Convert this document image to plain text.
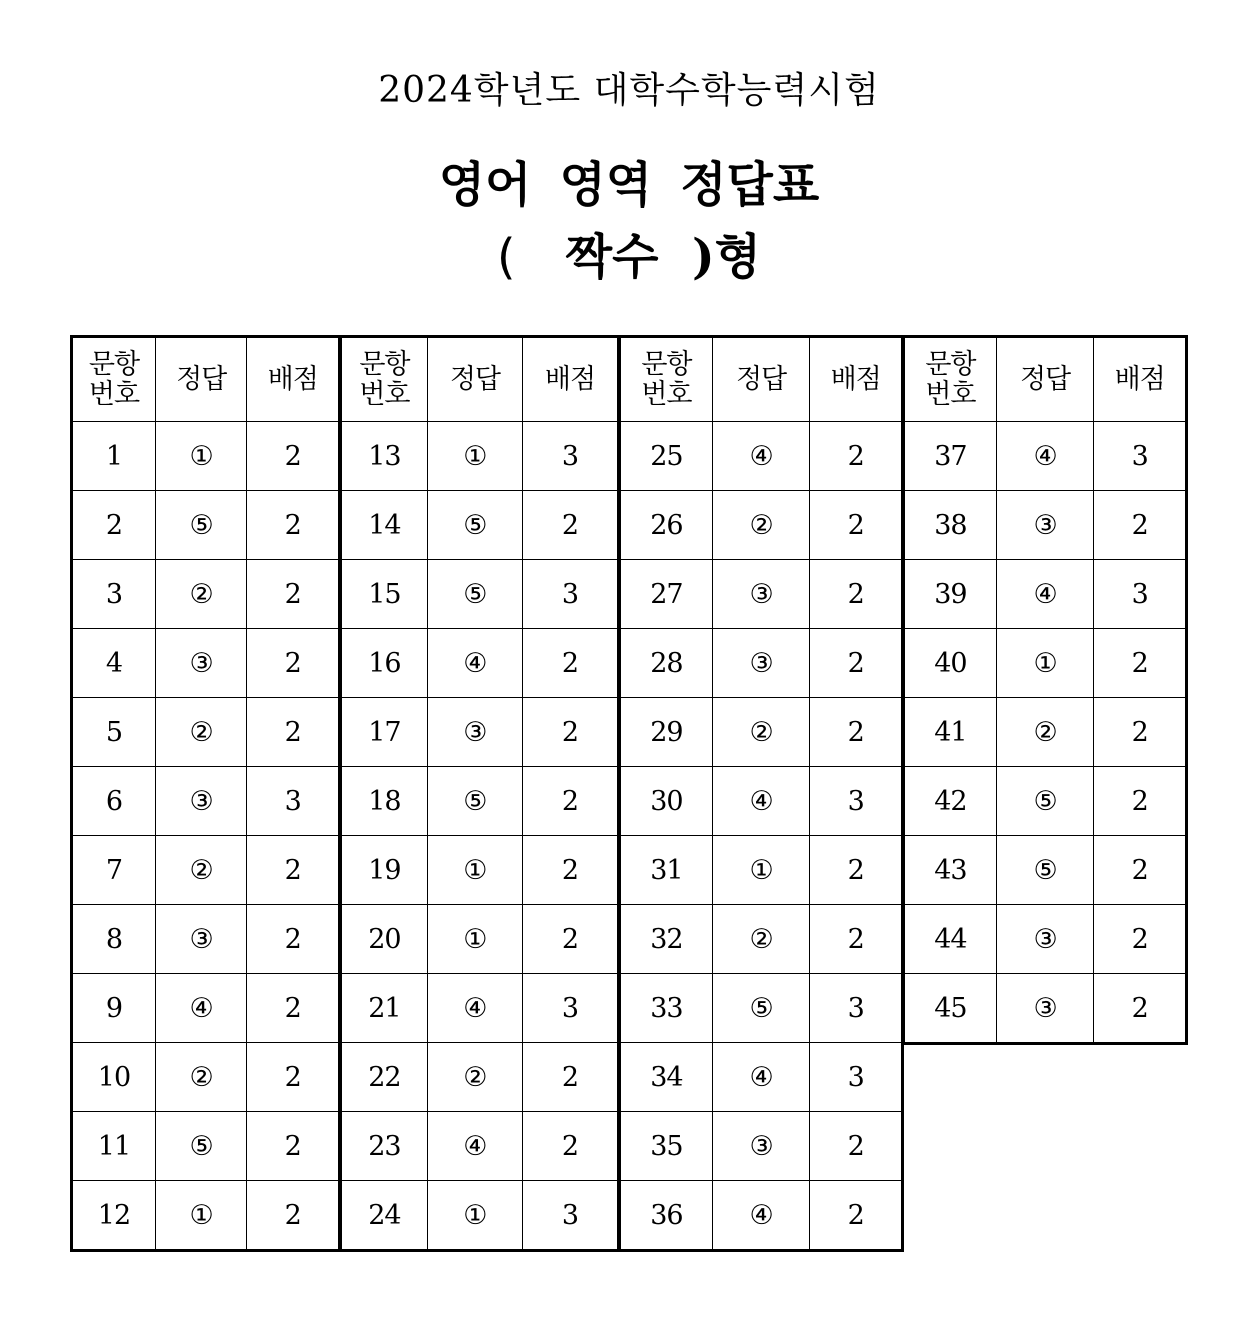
2024학년도 대학수학능력시험
영어 영역 정답표
( 짝수 )형
문항
번호	정답	배점
1	①	2
2	⑤	2
3	②	2
4	③	2
5	②	2
6	③	3
7	②	2
8	③	2
9	④	2
10	②	2
11	⑤	2
12	①	2
문항
번호	정답	배점
13	①	3
14	⑤	2
15	⑤	3
16	④	2
17	③	2
18	⑤	2
19	①	2
20	①	2
21	④	3
22	②	2
23	④	2
24	①	3
문항
번호	정답	배점
25	④	2
26	②	2
27	③	2
28	③	2
29	②	2
30	④	3
31	①	2
32	②	2
33	⑤	3
34	④	3
35	③	2
36	④	2
문항
번호	정답	배점
37	④	3
38	③	2
39	④	3
40	①	2
41	②	2
42	⑤	2
43	⑤	2
44	③	2
45	③	2
